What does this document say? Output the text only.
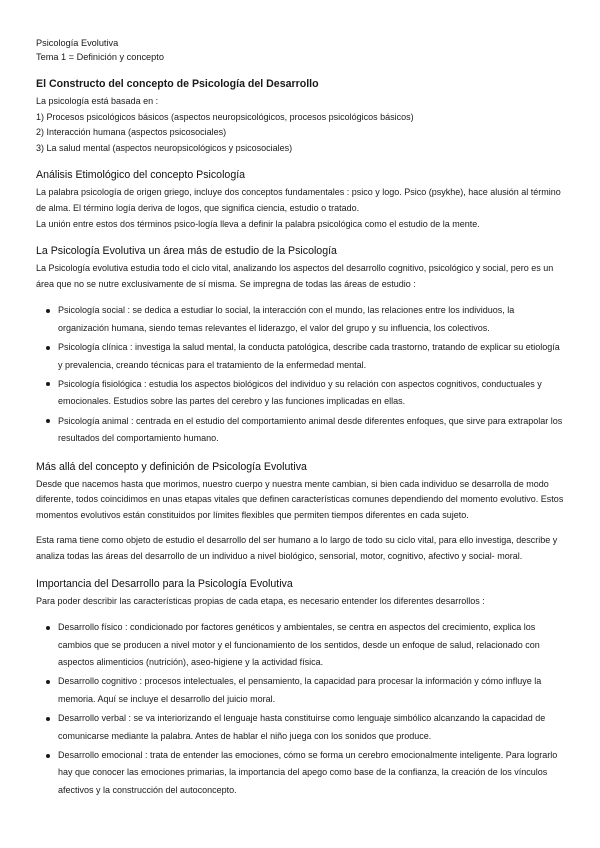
Psicología Evolutiva

Tema 1 = Definición y concepto

El Constructo del concepto de Psicología del Desarrollo

La psicología está basada en :

1) Procesos psicológicos básicos (aspectos neuropsicológicos, procesos psicológicos básicos)

2) Interacción humana (aspectos psicosociales)

3) La salud mental (aspectos neuropsicológicos y psicosociales)

Análisis Etimológico del concepto Psicología

La palabra psicología de origen griego, incluye dos conceptos fundamentales : psico y logo. Psico (psykhe), hace alusión al término de alma. El término logía deriva de logos, que significa ciencia, estudio o tratado.

La unión entre estos dos términos psico-logía lleva a definir la palabra psicológica como el estudio de la mente.

La Psicología Evolutiva un área más de estudio de la Psicología

La Psicología evolutiva estudia todo el ciclo vital, analizando los aspectos del desarrollo cognitivo, psicológico y social, pero es un área que no se nutre exclusivamente de sí misma. Se impregna de todas las áreas de estudio :

Psicología social : se dedica a estudiar lo social, la interacción con el mundo, las relaciones entre los individuos, la organización humana, siendo temas relevantes el liderazgo, el valor del grupo y su influencia, los colectivos.
Psicología clínica : investiga la salud mental, la conducta patológica, describe cada trastorno, tratando de explicar su etiología y prevalencia, creando técnicas para el tratamiento de la enfermedad mental.
Psicología fisiológica : estudia los aspectos biológicos del individuo y su relación con aspectos cognitivos, conductuales y emocionales. Estudios sobre las partes del cerebro y las funciones implicadas en ellas.
Psicología animal : centrada en el estudio del comportamiento animal desde diferentes enfoques, que sirve para extrapolar los resultados del comportamiento humano.
Más allá del concepto y definición de Psicología Evolutiva

Desde que nacemos hasta que morimos, nuestro cuerpo y nuestra mente cambian, si bien cada individuo se desarrolla de modo diferente, todos coincidimos en unas etapas vitales que definen características comunes dependiendo del momento evolutivo. Estos momentos evolutivos están constituidos por límites flexibles que permiten tiempos diferentes en cada sujeto.

Esta rama tiene como objeto de estudio el desarrollo del ser humano a lo largo de todo su ciclo vital, para ello investiga, describe y analiza todas las áreas del desarrollo de un individuo a nivel biológico, sensorial, motor, cognitivo, afectivo y social- moral.

Importancia del Desarrollo para la Psicología Evolutiva

Para poder describir las características propias de cada etapa, es necesario entender los diferentes desarrollos :

Desarrollo físico : condicionado por factores genéticos y ambientales, se centra en aspectos del crecimiento, explica los cambios que se producen a nivel motor y el funcionamiento de los sentidos, desde un enfoque de salud, relacionado con aspectos alimenticios (nutrición), aseo-higiene y la actividad física.
Desarrollo cognitivo : procesos intelectuales, el pensamiento, la capacidad para procesar la información y cómo influye la memoria. Aquí se incluye el desarrollo del juicio moral.
Desarrollo verbal : se va interiorizando el lenguaje hasta constituirse como lenguaje simbólico alcanzando la capacidad de comunicarse mediante la palabra. Antes de hablar el niño juega con los sonidos que produce.
Desarrollo emocional : trata de entender las emociones, cómo se forma un cerebro emocionalmente inteligente. Para lograrlo hay que conocer las emociones primarias, la importancia del apego como base de la confianza, la creación de los vínculos afectivos y la construcción del autoconcepto.
